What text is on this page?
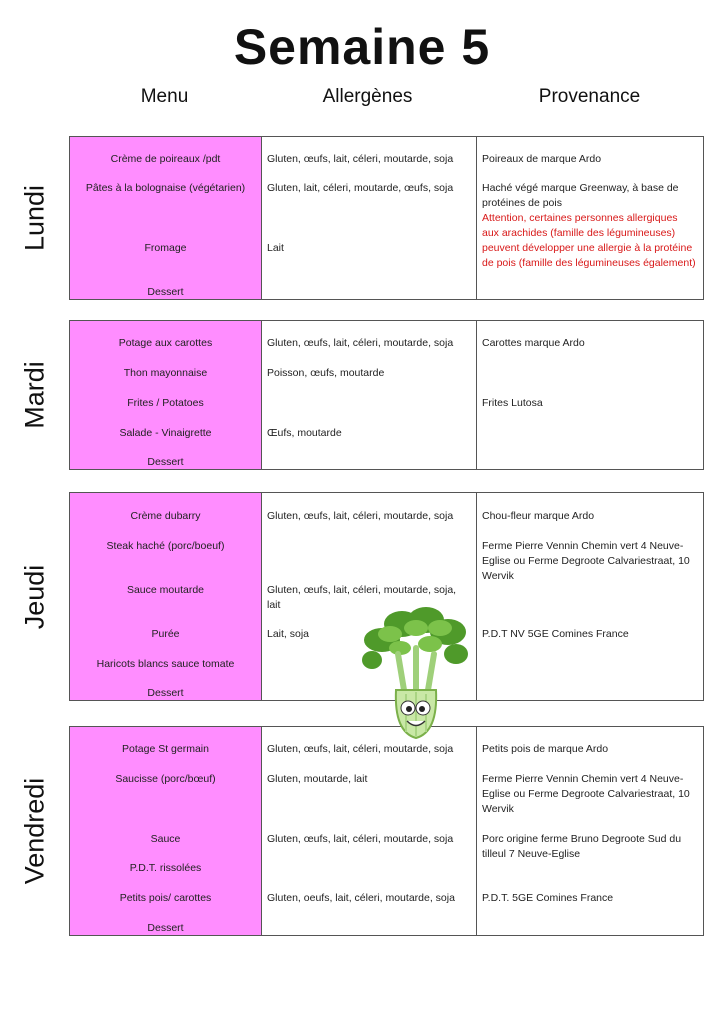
Semaine 5
Menu	Allergènes	Provenance
Lundi
Crème de poireaux /pdt
Pâtes à la bolognaise (végétarien)
Fromage
Dessert
Gluten, œufs, lait, céleri, moutarde, soja
Gluten, lait, céleri, moutarde, œufs, soja
Lait
Poireaux de marque Ardo
Haché végé marque Greenway, à base de protéines de pois
Attention, certaines personnes allergiques aux arachides (famille des légumineuses) peuvent développer une allergie à la protéine de pois (famille des légumineuses également)
Mardi
Potage aux carottes
Thon mayonnaise
Frites / Potatoes
Salade - Vinaigrette
Dessert
Gluten, œufs, lait, céleri, moutarde, soja
Poisson, œufs, moutarde
Œufs, moutarde
Carottes marque Ardo
Frites Lutosa
Jeudi
Crème dubarry
Steak haché (porc/boeuf)
Sauce moutarde
Purée
Haricots blancs sauce tomate
Dessert
Gluten, œufs, lait, céleri, moutarde, soja
Gluten, œufs, lait, céleri, moutarde, soja, lait
Lait, soja
Chou-fleur marque Ardo
Ferme Pierre Vennin Chemin vert 4 Neuve-Eglise ou Ferme Degroote Calvariestraat, 10 Wervik
P.D.T NV 5GE Comines France
Vendredi
Potage St germain
Saucisse (porc/bœuf)
Sauce
P.D.T. rissolées
Petits pois/ carottes
Dessert
Gluten, œufs, lait, céleri, moutarde, soja
Gluten, moutarde, lait
Gluten, œufs, lait, céleri, moutarde, soja
Gluten, oeufs, lait, céleri, moutarde, soja
Petits pois de marque Ardo
Ferme Pierre Vennin Chemin vert 4 Neuve-Eglise ou Ferme Degroote Calvariestraat, 10 Wervik
Porc origine ferme Bruno Degroote Sud du tilleul 7 Neuve-Eglise
P.D.T. 5GE Comines France
